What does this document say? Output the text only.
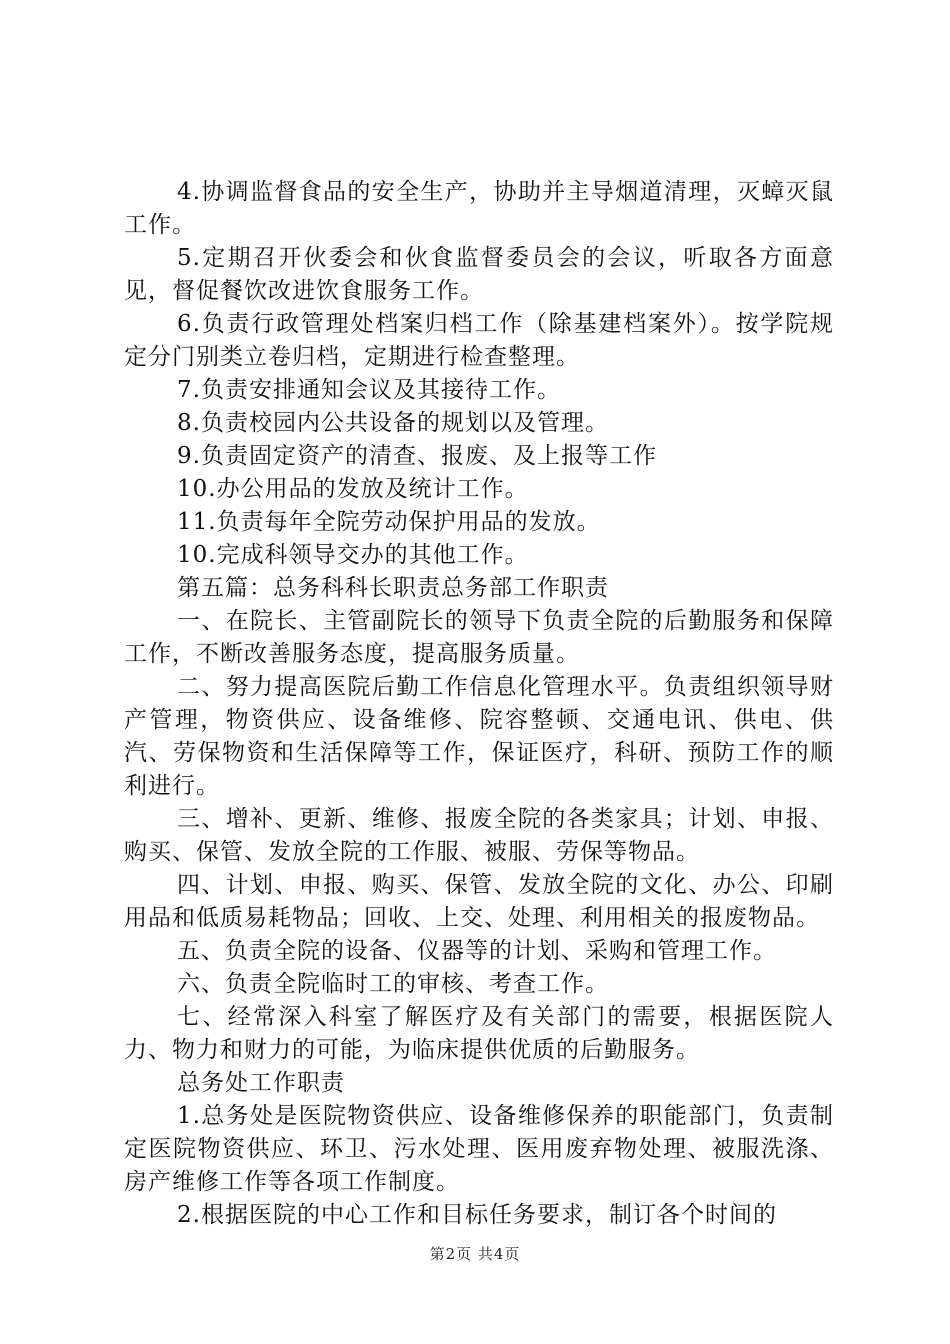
4.协调监督食品的安全生产，协助并主导烟道清理，灭蟑灭鼠工作。

5.定期召开伙委会和伙食监督委员会的会议，听取各方面意见，督促餐饮改进饮食服务工作。

6.负责行政管理处档案归档工作（除基建档案外）。按学院规定分门别类立卷归档，定期进行检查整理。

7.负责安排通知会议及其接待工作。

8.负责校园内公共设备的规划以及管理。

9.负责固定资产的清查、报废、及上报等工作

10.办公用品的发放及统计工作。

11.负责每年全院劳动保护用品的发放。

10.完成科领导交办的其他工作。

第五篇：总务科科长职责总务部工作职责

一、在院长、主管副院长的领导下负责全院的后勤服务和保障工作，不断改善服务态度，提高服务质量。

二、努力提高医院后勤工作信息化管理水平。负责组织领导财产管理，物资供应、设备维修、院容整顿、交通电讯、供电、供汽、劳保物资和生活保障等工作，保证医疗，科研、预防工作的顺利进行。

三、增补、更新、维修、报废全院的各类家具；计划、申报、购买、保管、发放全院的工作服、被服、劳保等物品。

四、计划、申报、购买、保管、发放全院的文化、办公、印刷用品和低质易耗物品；回收、上交、处理、利用相关的报废物品。

五、负责全院的设备、仪器等的计划、采购和管理工作。

六、负责全院临时工的审核、考查工作。

七、经常深入科室了解医疗及有关部门的需要，根据医院人力、物力和财力的可能，为临床提供优质的后勤服务。

总务处工作职责

1.总务处是医院物资供应、设备维修保养的职能部门，负责制定医院物资供应、环卫、污水处理、医用废弃物处理、被服洗涤、房产维修工作等各项工作制度。

2.根据医院的中心工作和目标任务要求，制订各个时间的

第2页 共4页
